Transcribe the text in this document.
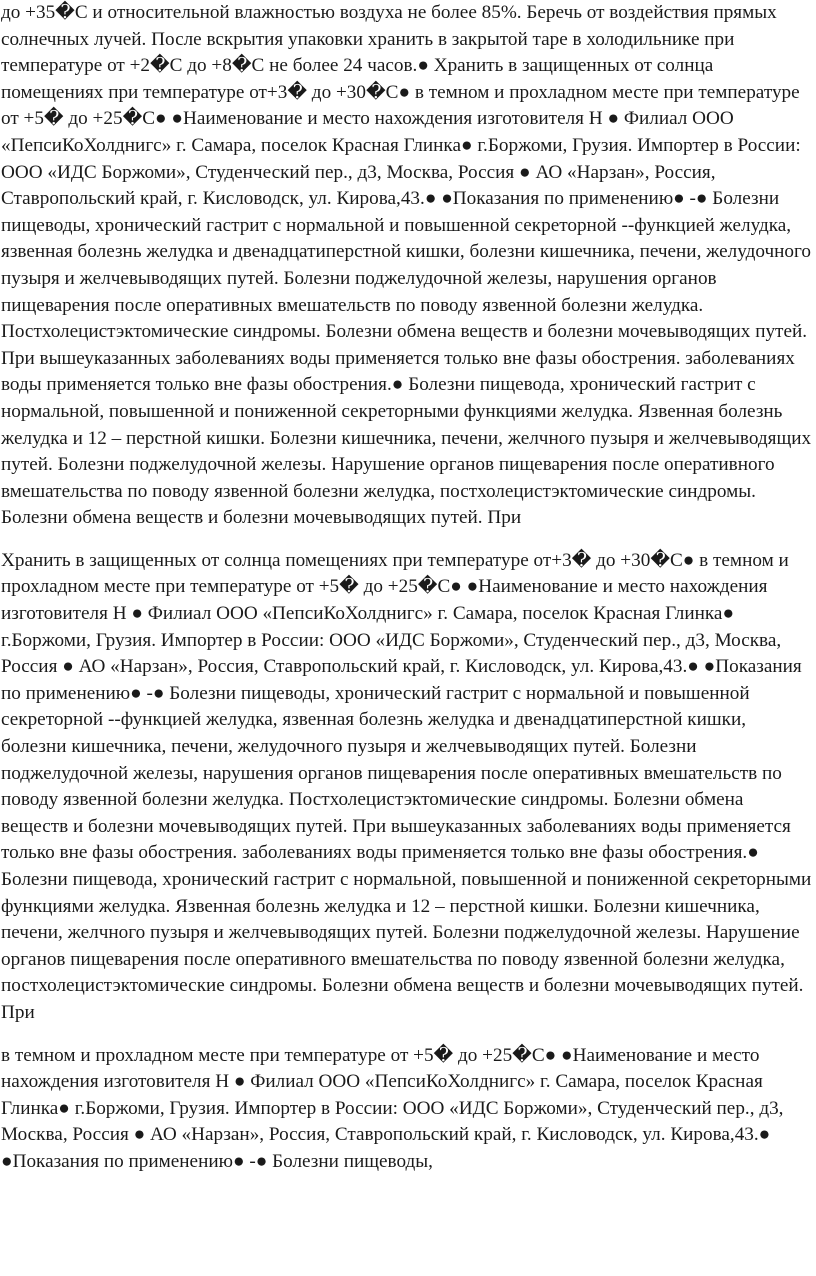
до +35�С и относительной влажностью воздуха не более 85%. Беречь от воздействия прямых солнечных лучей. После вскрытия упаковки хранить в закрытой таре в холодильнике при температуре от +2�С до +8�С не более 24 часов.● Хранить в защищенных от солнца помещениях при температуре от+3� до +30�С● в темном и прохладном месте при температуре от +5� до +25�С● ●Наименование и место нахождения изготовителя Н ● Филиал ООО «ПепсиКоХолднигс» г. Самара, поселок Красная Глинка● г.Боржоми, Грузия. Импортер в России: ООО «ИДС Боржоми», Студенческий пер., д3, Москва, Россия ● АО «Нарзан», Россия, Ставропольский край, г. Кисловодск, ул. Кирова,43.● ●Показания по применению● -● Болезни пищеводы, хронический гастрит с нормальной и повышенной секреторной --функцией желудка, язвенная болезнь желудка и двенадцатиперстной кишки, болезни кишечника, печени, желудочного пузыря и желчевыводящих путей. Болезни поджелудочной железы, нарушения органов пищеварения после оперативных вмешательств по поводу язвенной болезни желудка. Постхолецистэктомические синдромы. Болезни обмена веществ и болезни мочевыводящих путей. При вышеуказанных заболеваниях воды применяется только вне фазы обострения. заболеваниях воды применяется только вне фазы обострения.● Болезни пищевода, хронический гастрит с нормальной, повышенной и пониженной секреторными функциями желудка. Язвенная болезнь желудка и 12 – перстной кишки. Болезни кишечника, печени, желчного пузыря и желчевыводящих путей. Болезни поджелудочной железы. Нарушение органов пищеварения после оперативного вмешательства по поводу язвенной болезни желудка, постхолецистэктомические синдромы. Болезни обмена веществ и болезни мочевыводящих путей. При

Хранить в защищенных от солнца помещениях при температуре от+3� до +30�С● в темном и прохладном месте при температуре от +5� до +25�С● ●Наименование и место нахождения изготовителя Н ● Филиал ООО «ПепсиКоХолднигс» г. Самара, поселок Красная Глинка● г.Боржоми, Грузия. Импортер в России: ООО «ИДС Боржоми», Студенческий пер., д3, Москва, Россия ● АО «Нарзан», Россия, Ставропольский край, г. Кисловодск, ул. Кирова,43.● ●Показания по применению● -● Болезни пищеводы, хронический гастрит с нормальной и повышенной секреторной --функцией желудка, язвенная болезнь желудка и двенадцатиперстной кишки, болезни кишечника, печени, желудочного пузыря и желчевыводящих путей. Болезни поджелудочной железы, нарушения органов пищеварения после оперативных вмешательств по поводу язвенной болезни желудка. Постхолецистэктомические синдромы. Болезни обмена веществ и болезни мочевыводящих путей. При вышеуказанных заболеваниях воды применяется только вне фазы обострения. заболеваниях воды применяется только вне фазы обострения.● Болезни пищевода, хронический гастрит с нормальной, повышенной и пониженной секреторными функциями желудка. Язвенная болезнь желудка и 12 – перстной кишки. Болезни кишечника, печени, желчного пузыря и желчевыводящих путей. Болезни поджелудочной железы. Нарушение органов пищеварения после оперативного вмешательства по поводу язвенной болезни желудка, постхолецистэктомические синдромы. Болезни обмена веществ и болезни мочевыводящих путей. При

в темном и прохладном месте при температуре от +5� до +25�С● ●Наименование и место нахождения изготовителя Н ● Филиал ООО «ПепсиКоХолднигс» г. Самара, поселок Красная Глинка● г.Боржоми, Грузия. Импортер в России: ООО «ИДС Боржоми», Студенческий пер., д3, Москва, Россия ● АО «Нарзан», Россия, Ставропольский край, г. Кисловодск, ул. Кирова,43.● ●Показания по применению● -● Болезни пищеводы,
